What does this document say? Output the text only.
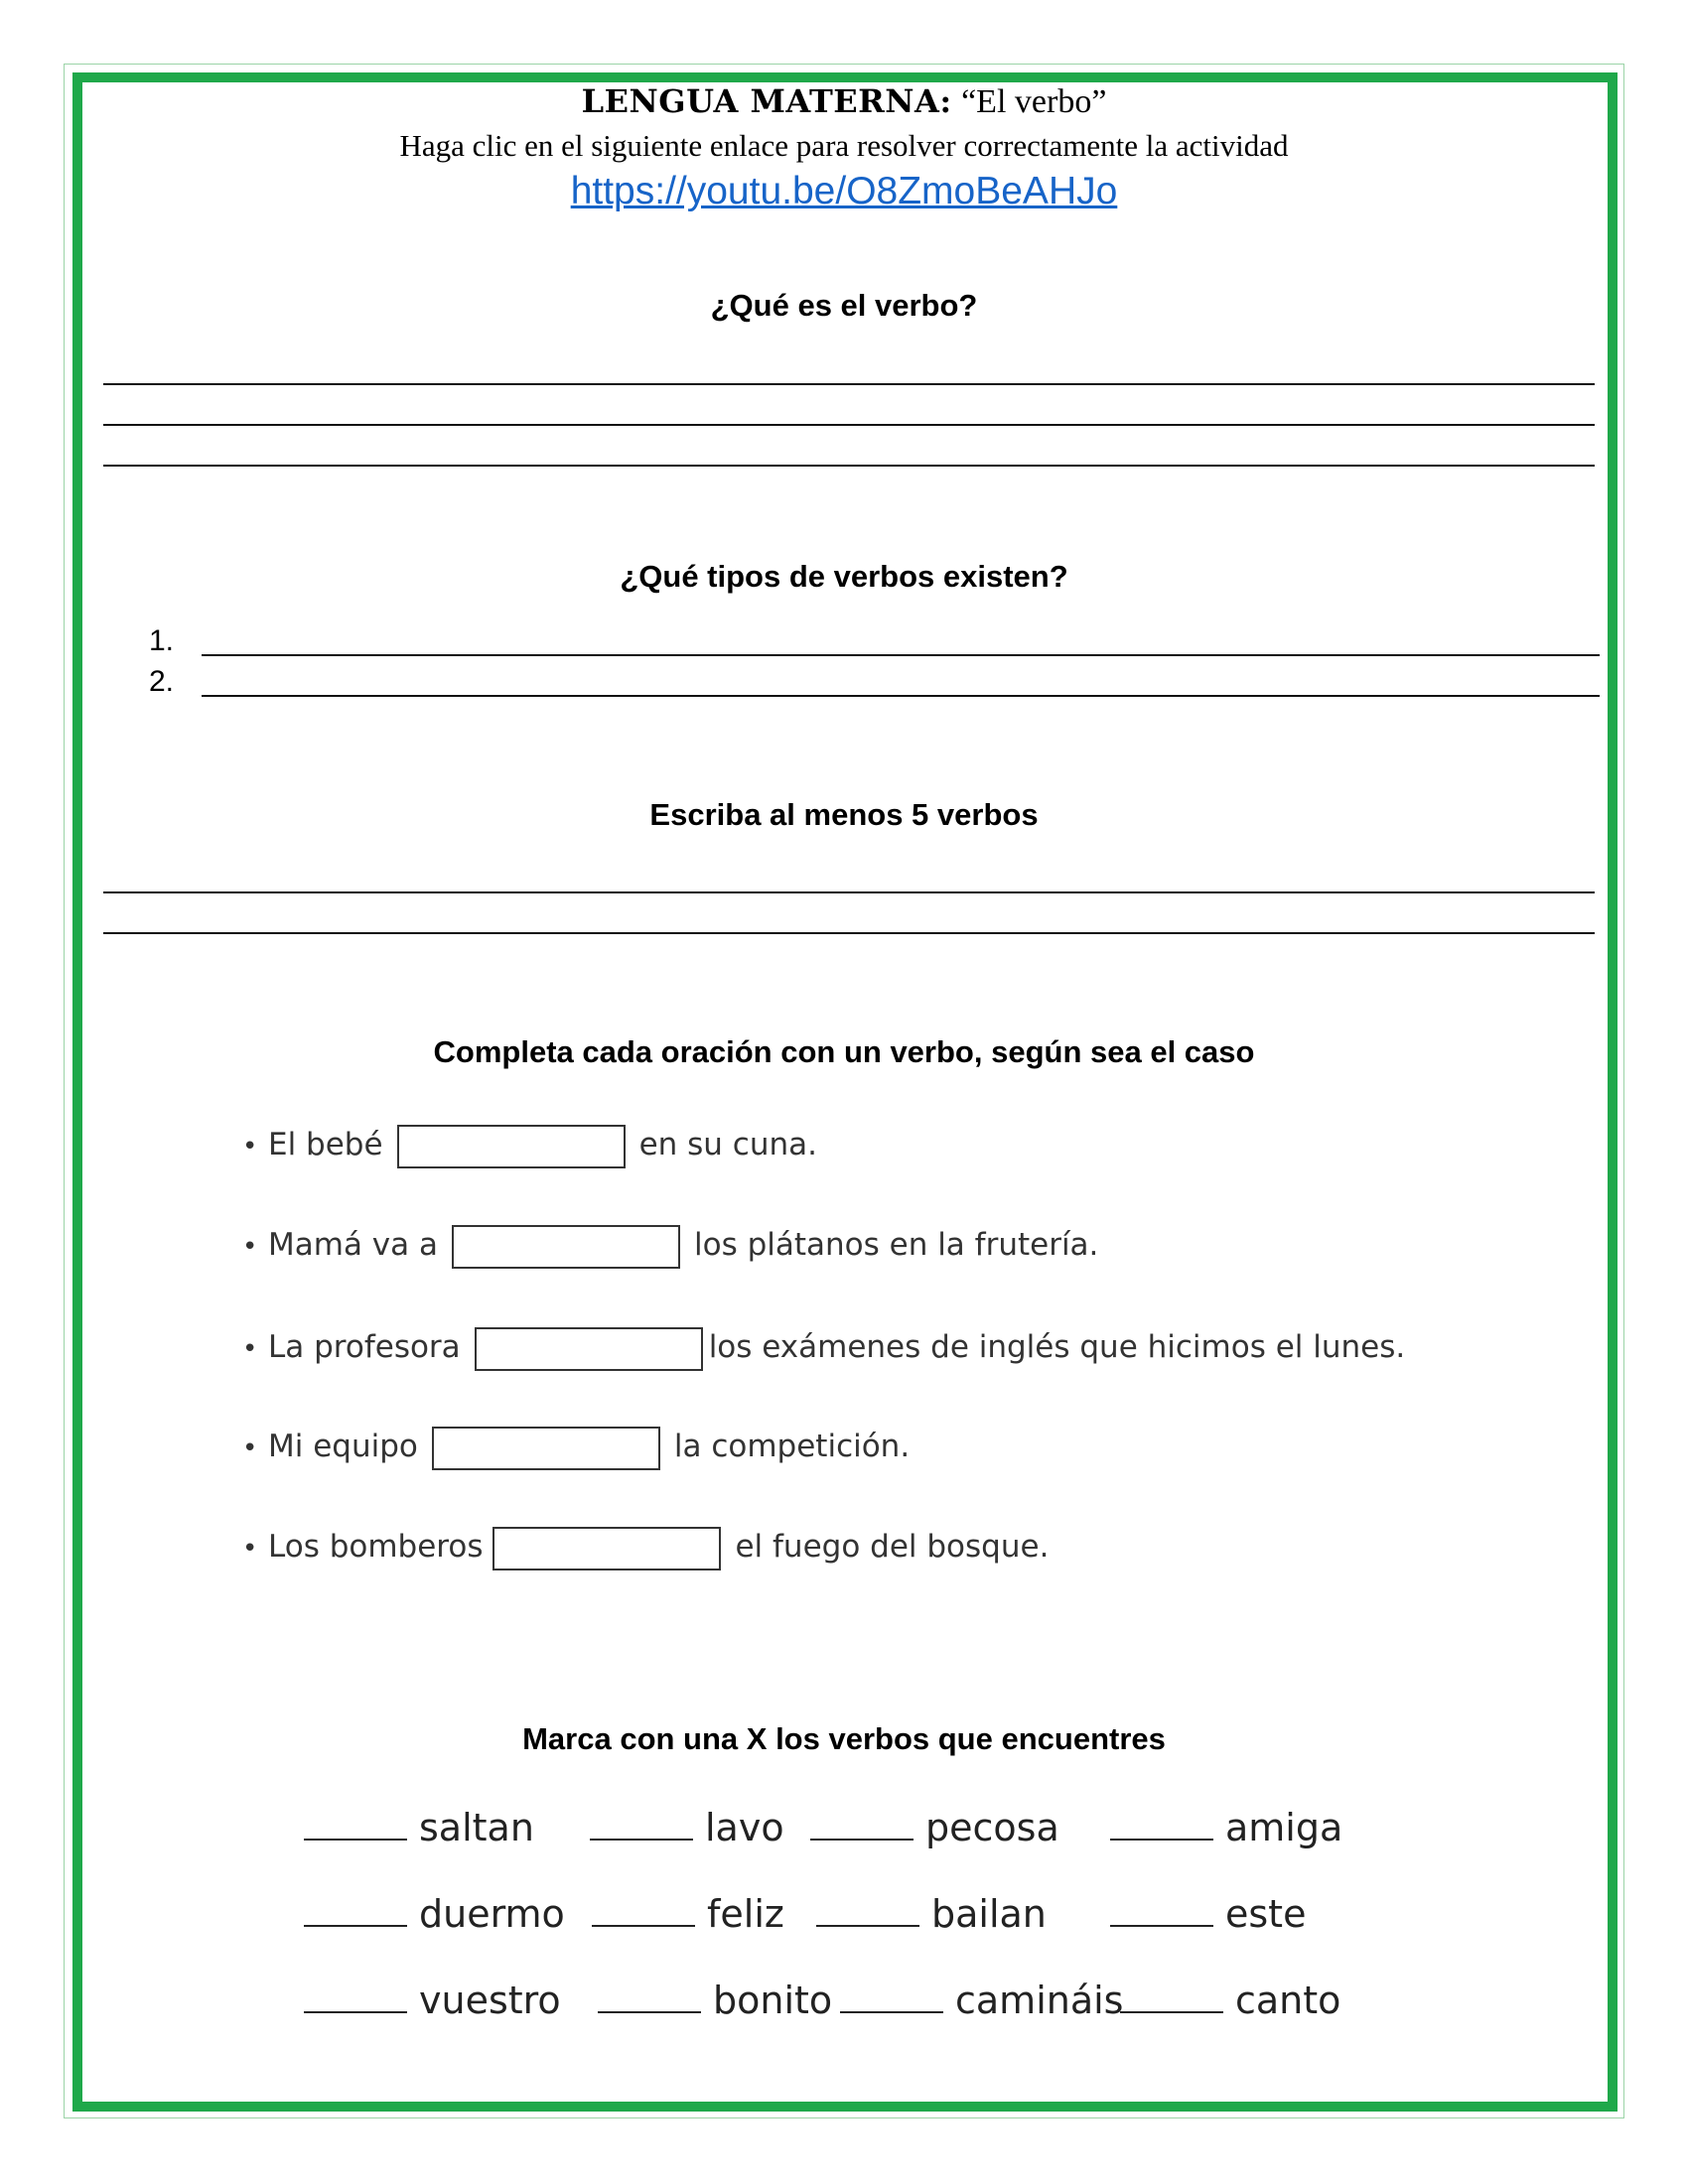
LENGUA MATERNA: “El verbo”
Haga clic en el siguiente enlace para resolver correctamente la actividad
https://youtu.be/O8ZmoBeAHJo
¿Qué es el verbo?
¿Qué tipos de verbos existen?
1.
2.
Escriba al menos 5 verbos
Completa cada oración con un verbo, según sea el caso
• El bebé	en su cuna.
• Mamá va a	los plátanos en la frutería.
• La profesora	los exámenes de inglés que hicimos el lunes.
• Mi equipo	la competición.
• Los bomberos	el fuego del bosque.
Marca con una X los verbos que encuentres
saltan	lavo	pecosa	amiga
duermo	feliz	bailan	este
vuestro	bonito	camináis	canto
